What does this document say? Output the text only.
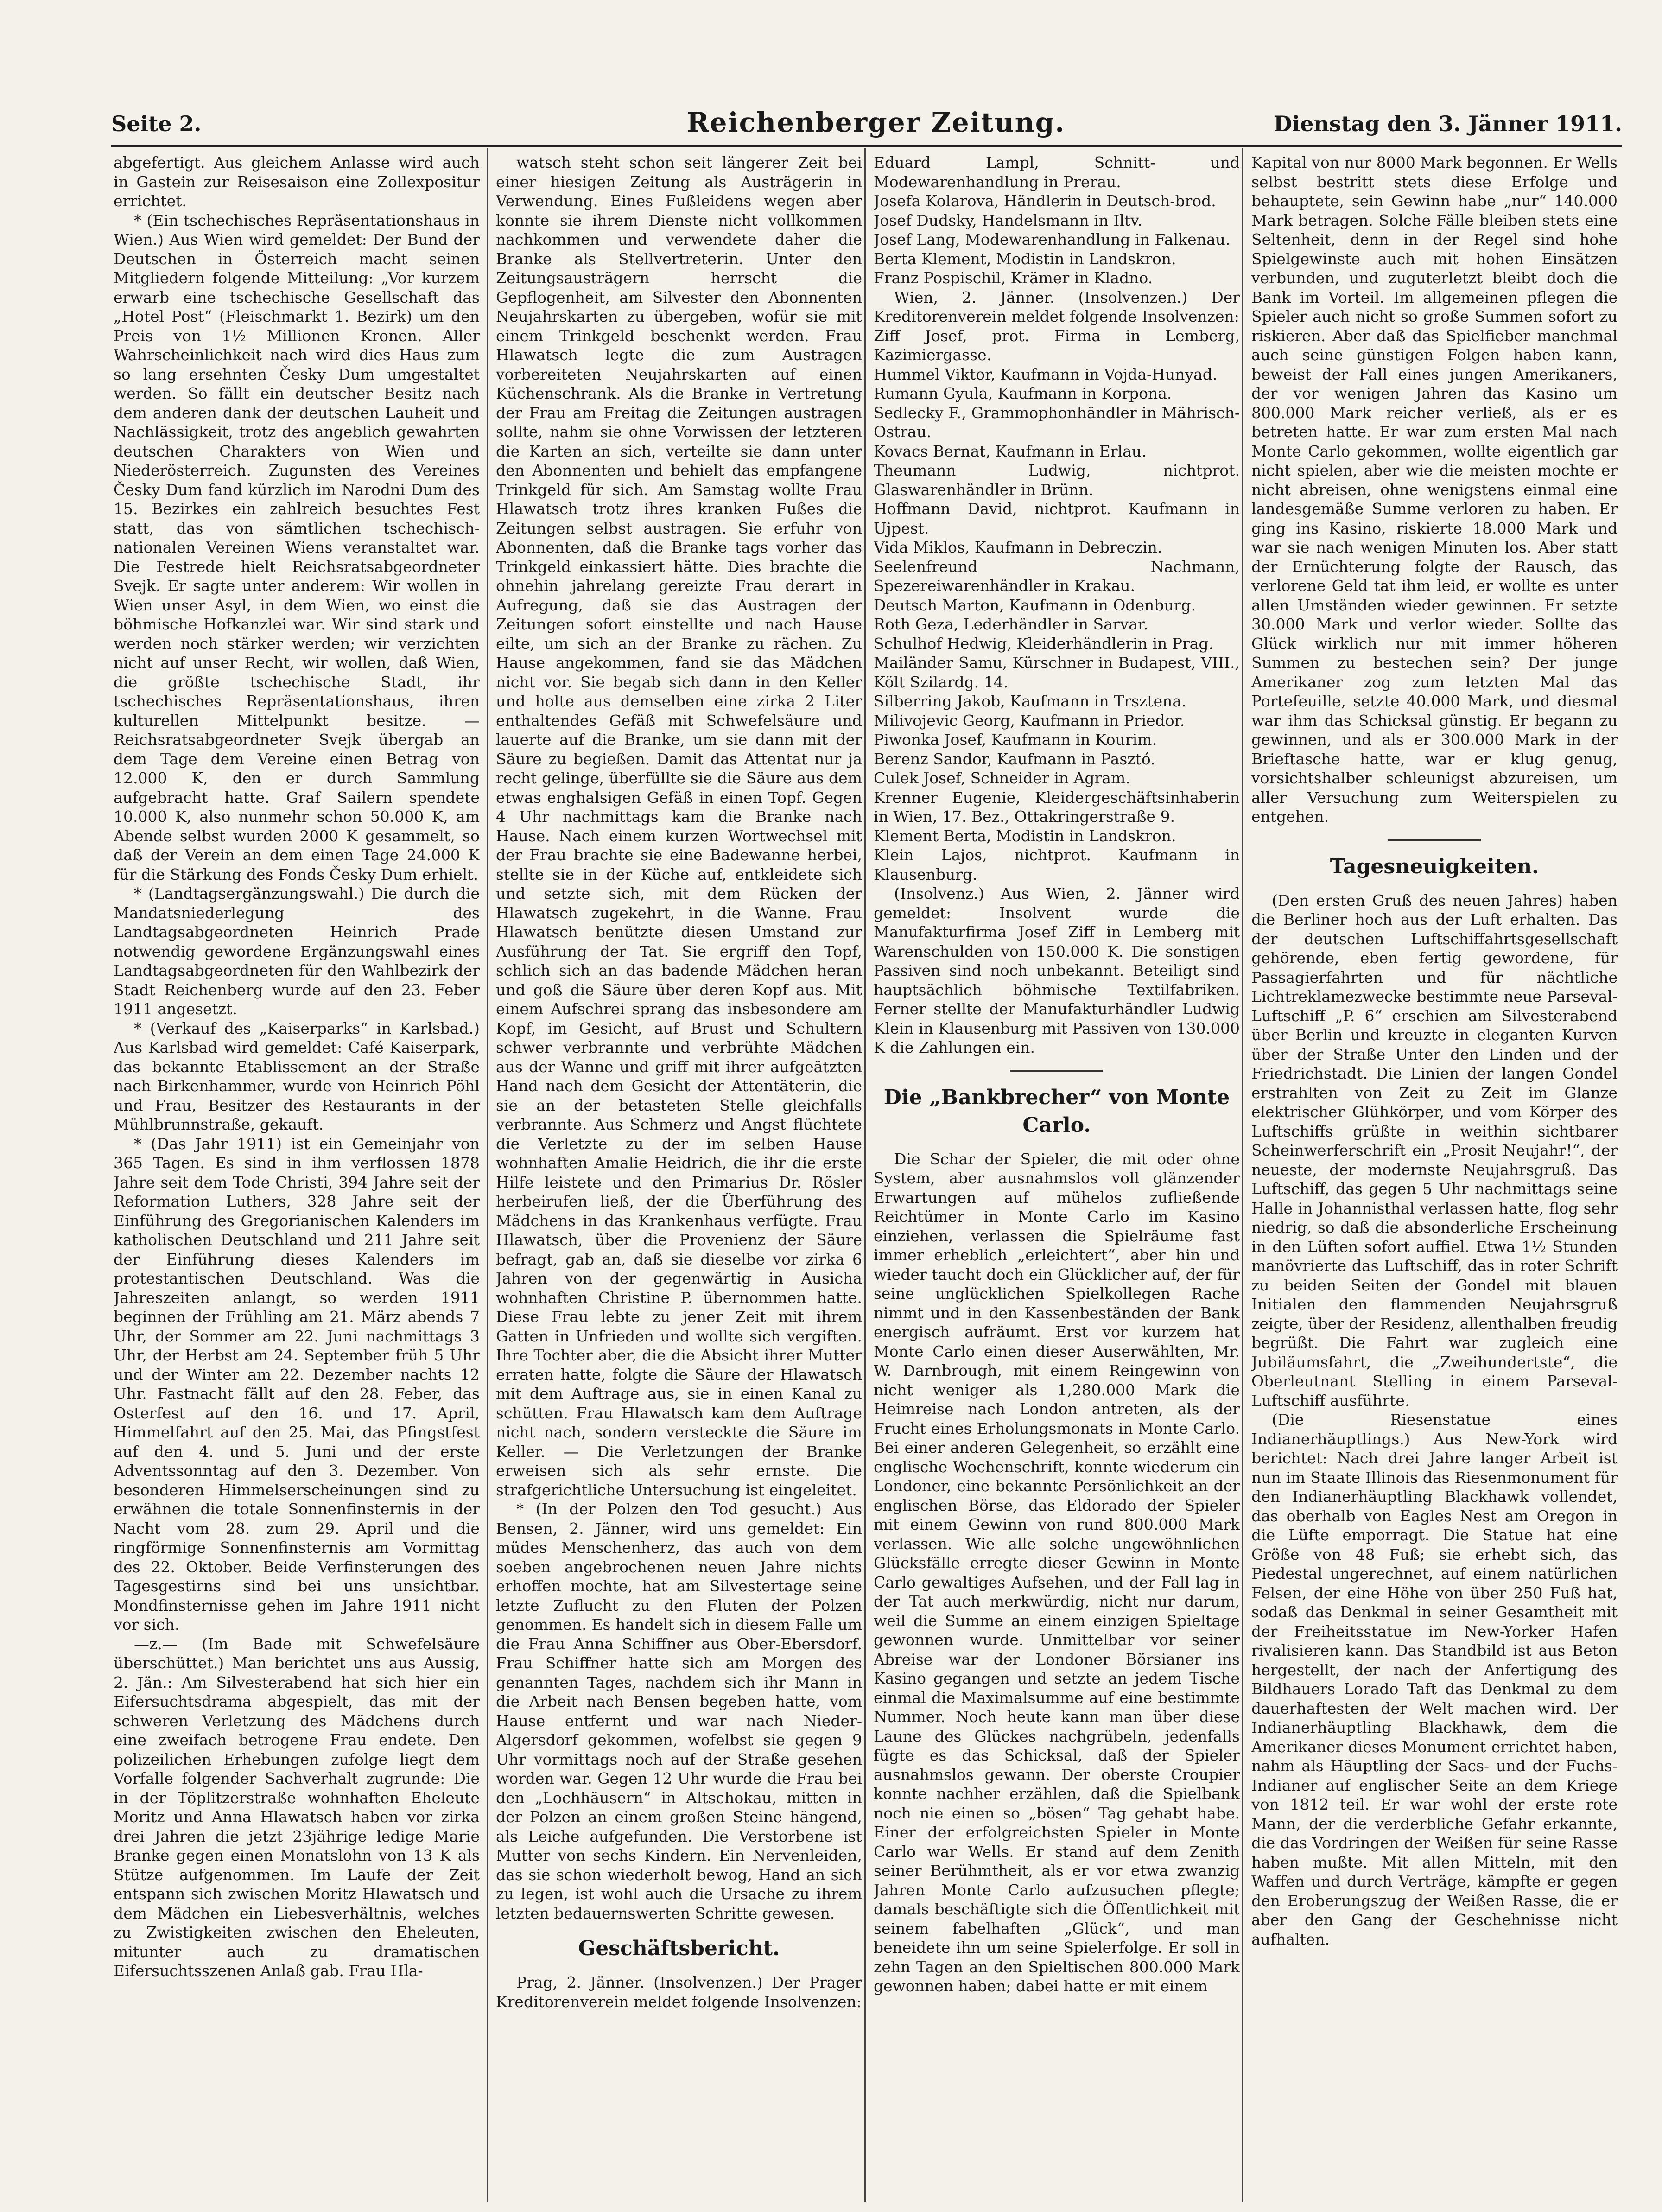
Seite 2.	Reichenberger Zeitung.	Dienstag den 3. Jänner 1911.

abgefertigt. Aus gleichem Anlasse wird auch in Gastein zur Reisesaison eine Zollexpositur errichtet.

* (Ein tschechisches Repräsentationshaus in Wien.) Aus Wien wird gemeldet: Der Bund der Deutschen in Österreich macht seinen Mitgliedern folgende Mitteilung: „Vor kurzem erwarb eine tschechische Gesellschaft das „Hotel Post“ (Fleischmarkt 1. Bezirk) um den Preis von 1½ Millionen Kronen. Aller Wahrscheinlichkeit nach wird dies Haus zum so lang ersehnten Česky Dum umgestaltet werden. So fällt ein deutscher Besitz nach dem anderen dank der deutschen Lauheit und Nachlässigkeit, trotz des angeblich gewahrten deutschen Charakters von Wien und Niederösterreich. Zugunsten des Vereines Česky Dum fand kürzlich im Narodni Dum des 15. Bezirkes ein zahlreich besuchtes Fest statt, das von sämtlichen tschechisch-nationalen Vereinen Wiens veranstaltet war. Die Festrede hielt Reichsratsabgeordneter Svejk. Er sagte unter anderem: Wir wollen in Wien unser Asyl, in dem Wien, wo einst die böhmische Hofkanzlei war. Wir sind stark und werden noch stärker werden; wir verzichten nicht auf unser Recht, wir wollen, daß Wien, die größte tschechische Stadt, ihr tschechisches Repräsentationshaus, ihren kulturellen Mittelpunkt besitze. — Reichsratsabgeordneter Svejk übergab an dem Tage dem Vereine einen Betrag von 12.000 K, den er durch Sammlung aufgebracht hatte. Graf Sailern spendete 10.000 K, also nunmehr schon 50.000 K, am Abende selbst wurden 2000 K gesammelt, so daß der Verein an dem einen Tage 24.000 K für die Stärkung des Fonds Česky Dum erhielt.

* (Landtagsergänzungswahl.) Die durch die Mandatsniederlegung des Landtagsabgeordneten Heinrich Prade notwendig gewordene Ergänzungswahl eines Landtagsabgeordneten für den Wahlbezirk der Stadt Reichenberg wurde auf den 23. Feber 1911 angesetzt.

* (Verkauf des „Kaiserparks“ in Karlsbad.) Aus Karlsbad wird gemeldet: Café Kaiserpark, das bekannte Etablissement an der Straße nach Birkenhammer, wurde von Heinrich Pöhl und Frau, Besitzer des Restaurants in der Mühlbrunnstraße, gekauft.

* (Das Jahr 1911) ist ein Gemeinjahr von 365 Tagen. Es sind in ihm verflossen 1878 Jahre seit dem Tode Christi, 394 Jahre seit der Reformation Luthers, 328 Jahre seit der Einführung des Gregorianischen Kalenders im katholischen Deutschland und 211 Jahre seit der Einführung dieses Kalenders im protestantischen Deutschland. Was die Jahreszeiten anlangt, so werden 1911 beginnen der Frühling am 21. März abends 7 Uhr, der Sommer am 22. Juni nachmittags 3 Uhr, der Herbst am 24. September früh 5 Uhr und der Winter am 22. Dezember nachts 12 Uhr. Fastnacht fällt auf den 28. Feber, das Osterfest auf den 16. und 17. April, Himmelfahrt auf den 25. Mai, das Pfingstfest auf den 4. und 5. Juni und der erste Adventssonntag auf den 3. Dezember. Von besonderen Himmelserscheinungen sind zu erwähnen die totale Sonnenfinsternis in der Nacht vom 28. zum 29. April und die ringförmige Sonnenfinsternis am Vormittag des 22. Oktober. Beide Verfinsterungen des Tagesgestirns sind bei uns unsichtbar. Mondfinsternisse gehen im Jahre 1911 nicht vor sich.

—z.— (Im Bade mit Schwefelsäure überschüttet.) Man berichtet uns aus Aussig, 2. Jän.: Am Silvesterabend hat sich hier ein Eifersuchtsdrama abgespielt, das mit der schweren Verletzung des Mädchens durch eine zweifach betrogene Frau endete. Den polizeilichen Erhebungen zufolge liegt dem Vorfalle folgender Sachverhalt zugrunde: Die in der Töplitzerstraße wohnhaften Eheleute Moritz und Anna Hlawatsch haben vor zirka drei Jahren die jetzt 23jährige ledige Marie Branke gegen einen Monatslohn von 13 K als Stütze aufgenommen. Im Laufe der Zeit entspann sich zwischen Moritz Hlawatsch und dem Mädchen ein Liebesverhältnis, welches zu Zwistigkeiten zwischen den Eheleuten, mitunter auch zu dramatischen Eifersuchtsszenen Anlaß gab. Frau Hla-

watsch steht schon seit längerer Zeit bei einer hiesigen Zeitung als Austrägerin in Verwendung. Eines Fußleidens wegen aber konnte sie ihrem Dienste nicht vollkommen nachkommen und verwendete daher die Branke als Stellvertreterin. Unter den Zeitungsausträgern herrscht die Gepflogenheit, am Silvester den Abonnenten Neujahrskarten zu übergeben, wofür sie mit einem Trinkgeld beschenkt werden. Frau Hlawatsch legte die zum Austragen vorbereiteten Neujahrskarten auf einen Küchenschrank. Als die Branke in Vertretung der Frau am Freitag die Zeitungen austragen sollte, nahm sie ohne Vorwissen der letzteren die Karten an sich, verteilte sie dann unter den Abonnenten und behielt das empfangene Trinkgeld für sich. Am Samstag wollte Frau Hlawatsch trotz ihres kranken Fußes die Zeitungen selbst austragen. Sie erfuhr von Abonnenten, daß die Branke tags vorher das Trinkgeld einkassiert hätte. Dies brachte die ohnehin jahrelang gereizte Frau derart in Aufregung, daß sie das Austragen der Zeitungen sofort einstellte und nach Hause eilte, um sich an der Branke zu rächen. Zu Hause angekommen, fand sie das Mädchen nicht vor. Sie begab sich dann in den Keller und holte aus demselben eine zirka 2 Liter enthaltendes Gefäß mit Schwefelsäure und lauerte auf die Branke, um sie dann mit der Säure zu begießen. Damit das Attentat nur ja recht gelinge, überfüllte sie die Säure aus dem etwas enghalsigen Gefäß in einen Topf. Gegen 4 Uhr nachmittags kam die Branke nach Hause. Nach einem kurzen Wortwechsel mit der Frau brachte sie eine Badewanne herbei, stellte sie in der Küche auf, entkleidete sich und setzte sich, mit dem Rücken der Hlawatsch zugekehrt, in die Wanne. Frau Hlawatsch benützte diesen Umstand zur Ausführung der Tat. Sie ergriff den Topf, schlich sich an das badende Mädchen heran und goß die Säure über deren Kopf aus. Mit einem Aufschrei sprang das insbesondere am Kopf, im Gesicht, auf Brust und Schultern schwer verbrannte und verbrühte Mädchen aus der Wanne und griff mit ihrer aufgeätzten Hand nach dem Gesicht der Attentäterin, die sie an der betasteten Stelle gleichfalls verbrannte. Aus Schmerz und Angst flüchtete die Verletzte zu der im selben Hause wohnhaften Amalie Heidrich, die ihr die erste Hilfe leistete und den Primarius Dr. Rösler herbeirufen ließ, der die Überführung des Mädchens in das Krankenhaus verfügte. Frau Hlawatsch, über die Provenienz der Säure befragt, gab an, daß sie dieselbe vor zirka 6 Jahren von der gegenwärtig in Ausicha wohnhaften Christine P. übernommen hatte. Diese Frau lebte zu jener Zeit mit ihrem Gatten in Unfrieden und wollte sich vergiften. Ihre Tochter aber, die die Absicht ihrer Mutter erraten hatte, folgte die Säure der Hlawatsch mit dem Auftrage aus, sie in einen Kanal zu schütten. Frau Hlawatsch kam dem Auftrage nicht nach, sondern versteckte die Säure im Keller. — Die Verletzungen der Branke erweisen sich als sehr ernste. Die strafgerichtliche Untersuchung ist eingeleitet.

* (In der Polzen den Tod gesucht.) Aus Bensen, 2. Jänner, wird uns gemeldet: Ein müdes Menschenherz, das auch von dem soeben angebrochenen neuen Jahre nichts erhoffen mochte, hat am Silvestertage seine letzte Zuflucht zu den Fluten der Polzen genommen. Es handelt sich in diesem Falle um die Frau Anna Schiffner aus Ober-Ebersdorf. Frau Schiffner hatte sich am Morgen des genannten Tages, nachdem sich ihr Mann in die Arbeit nach Bensen begeben hatte, vom Hause entfernt und war nach Nieder-Algersdorf gekommen, wofelbst sie gegen 9 Uhr vormittags noch auf der Straße gesehen worden war. Gegen 12 Uhr wurde die Frau bei den „Lochhäusern“ in Altschokau, mitten in der Polzen an einem großen Steine hängend, als Leiche aufgefunden. Die Verstorbene ist Mutter von sechs Kindern. Ein Nervenleiden, das sie schon wiederholt bewog, Hand an sich zu legen, ist wohl auch die Ursache zu ihrem letzten bedauernswerten Schritte gewesen.

Geschäftsbericht.

Prag, 2. Jänner. (Insolvenzen.) Der Prager Kreditorenverein meldet folgende Insolvenzen:

Eduard Lampl, Schnitt- und Modewarenhandlung in Prerau.

Josefa Kolarova, Händlerin in Deutsch-brod.

Josef Dudsky, Handelsmann in Iltv.

Josef Lang, Modewarenhandlung in Falkenau.

Berta Klement, Modistin in Landskron.

Franz Pospischil, Krämer in Kladno.

Wien, 2. Jänner. (Insolvenzen.) Der Kreditorenverein meldet folgende Insolvenzen:

Ziff Josef, prot. Firma in Lemberg, Kazimiergasse.

Hummel Viktor, Kaufmann in Vojda-Hunyad.

Rumann Gyula, Kaufmann in Korpona.

Sedlecky F., Grammophonhändler in Mährisch-Ostrau.

Kovacs Bernat, Kaufmann in Erlau.

Theumann Ludwig, nichtprot. Glaswarenhändler in Brünn.

Hoffmann David, nichtprot. Kaufmann in Ujpest.

Vida Miklos, Kaufmann in Debreczin.

Seelenfreund Nachmann, Spezereiwarenhändler in Krakau.

Deutsch Marton, Kaufmann in Odenburg.

Roth Geza, Lederhändler in Sarvar.

Schulhof Hedwig, Kleiderhändlerin in Prag.

Mailänder Samu, Kürschner in Budapest, VIII., Költ Szilardg. 14.

Silberring Jakob, Kaufmann in Trsztena.

Milivojevic Georg, Kaufmann in Priedor.

Piwonka Josef, Kaufmann in Kourim.

Berenz Sandor, Kaufmann in Pasztó.

Culek Josef, Schneider in Agram.

Krenner Eugenie, Kleidergeschäftsinhaberin in Wien, 17. Bez., Ottakringerstraße 9.

Klement Berta, Modistin in Landskron.

Klein Lajos, nichtprot. Kaufmann in Klausenburg.

(Insolvenz.) Aus Wien, 2. Jänner wird gemeldet: Insolvent wurde die Manufakturfirma Josef Ziff in Lemberg mit Warenschulden von 150.000 K. Die sonstigen Passiven sind noch unbekannt. Beteiligt sind hauptsächlich böhmische Textilfabriken. Ferner stellte der Manufakturhändler Ludwig Klein in Klausenburg mit Passiven von 130.000 K die Zahlungen ein.

Die „Bankbrecher“ von Monte Carlo.

Die Schar der Spieler, die mit oder ohne System, aber ausnahmslos voll glänzender Erwartungen auf mühelos zufließende Reichtümer in Monte Carlo im Kasino einziehen, verlassen die Spielräume fast immer erheblich „erleichtert“, aber hin und wieder taucht doch ein Glücklicher auf, der für seine unglücklichen Spielkollegen Rache nimmt und in den Kassenbeständen der Bank energisch aufräumt. Erst vor kurzem hat Monte Carlo einen dieser Auserwählten, Mr. W. Darnbrough, mit einem Reingewinn von nicht weniger als 1,280.000 Mark die Heimreise nach London antreten, als der Frucht eines Erholungsmonats in Monte Carlo. Bei einer anderen Gelegenheit, so erzählt eine englische Wochenschrift, konnte wiederum ein Londoner, eine bekannte Persönlichkeit an der englischen Börse, das Eldorado der Spieler mit einem Gewinn von rund 800.000 Mark verlassen. Wie alle solche ungewöhnlichen Glücksfälle erregte dieser Gewinn in Monte Carlo gewaltiges Aufsehen, und der Fall lag in der Tat auch merkwürdig, nicht nur darum, weil die Summe an einem einzigen Spieltage gewonnen wurde. Unmittelbar vor seiner Abreise war der Londoner Börsianer ins Kasino gegangen und setzte an jedem Tische einmal die Maximalsumme auf eine bestimmte Nummer. Noch heute kann man über diese Laune des Glückes nachgrübeln, jedenfalls fügte es das Schicksal, daß der Spieler ausnahmslos gewann. Der oberste Croupier konnte nachher erzählen, daß die Spielbank noch nie einen so „bösen“ Tag gehabt habe. Einer der erfolgreichsten Spieler in Monte Carlo war Wells. Er stand auf dem Zenith seiner Berühmtheit, als er vor etwa zwanzig Jahren Monte Carlo aufzusuchen pflegte; damals beschäftigte sich die Öffentlichkeit mit seinem fabelhaften „Glück“, und man beneidete ihn um seine Spielerfolge. Er soll in zehn Tagen an den Spieltischen 800.000 Mark gewonnen haben; dabei hatte er mit einem

Kapital von nur 8000 Mark begonnen. Er Wells selbst bestritt stets diese Erfolge und behauptete, sein Gewinn habe „nur“ 140.000 Mark betragen. Solche Fälle bleiben stets eine Seltenheit, denn in der Regel sind hohe Spielgewinste auch mit hohen Einsätzen verbunden, und zuguterletzt bleibt doch die Bank im Vorteil. Im allgemeinen pflegen die Spieler auch nicht so große Summen sofort zu riskieren. Aber daß das Spielfieber manchmal auch seine günstigen Folgen haben kann, beweist der Fall eines jungen Amerikaners, der vor wenigen Jahren das Kasino um 800.000 Mark reicher verließ, als er es betreten hatte. Er war zum ersten Mal nach Monte Carlo gekommen, wollte eigentlich gar nicht spielen, aber wie die meisten mochte er nicht abreisen, ohne wenigstens einmal eine landesgemäße Summe verloren zu haben. Er ging ins Kasino, riskierte 18.000 Mark und war sie nach wenigen Minuten los. Aber statt der Ernüchterung folgte der Rausch, das verlorene Geld tat ihm leid, er wollte es unter allen Umständen wieder gewinnen. Er setzte 30.000 Mark und verlor wieder. Sollte das Glück wirklich nur mit immer höheren Summen zu bestechen sein? Der junge Amerikaner zog zum letzten Mal das Portefeuille, setzte 40.000 Mark, und diesmal war ihm das Schicksal günstig. Er begann zu gewinnen, und als er 300.000 Mark in der Brieftasche hatte, war er klug genug, vorsichtshalber schleunigst abzureisen, um aller Versuchung zum Weiterspielen zu entgehen.

Tagesneuigkeiten.

(Den ersten Gruß des neuen Jahres) haben die Berliner hoch aus der Luft erhalten. Das der deutschen Luftschiffahrtsgesellschaft gehörende, eben fertig gewordene, für Passagierfahrten und für nächtliche Lichtreklamezwecke bestimmte neue Parseval-Luftschiff „P. 6“ erschien am Silvesterabend über Berlin und kreuzte in eleganten Kurven über der Straße Unter den Linden und der Friedrichstadt. Die Linien der langen Gondel erstrahlten von Zeit zu Zeit im Glanze elektrischer Glühkörper, und vom Körper des Luftschiffs grüßte in weithin sichtbarer Scheinwerferschrift ein „Prosit Neujahr!“, der neueste, der modernste Neujahrsgruß. Das Luftschiff, das gegen 5 Uhr nachmittags seine Halle in Johannisthal verlassen hatte, flog sehr niedrig, so daß die absonderliche Erscheinung in den Lüften sofort auffiel. Etwa 1½ Stunden manövrierte das Luftschiff, das in roter Schrift zu beiden Seiten der Gondel mit blauen Initialen den flammenden Neujahrsgruß zeigte, über der Residenz, allenthalben freudig begrüßt. Die Fahrt war zugleich eine Jubiläumsfahrt, die „Zweihundertste“, die Oberleutnant Stelling in einem Parseval-Luftschiff ausführte.

(Die Riesenstatue eines Indianerhäuptlings.) Aus New-York wird berichtet: Nach drei Jahre langer Arbeit ist nun im Staate Illinois das Riesenmonument für den Indianerhäuptling Blackhawk vollendet, das oberhalb von Eagles Nest am Oregon in die Lüfte emporragt. Die Statue hat eine Größe von 48 Fuß; sie erhebt sich, das Piedestal ungerechnet, auf einem natürlichen Felsen, der eine Höhe von über 250 Fuß hat, sodaß das Denkmal in seiner Gesamtheit mit der Freiheitsstatue im New-Yorker Hafen rivalisieren kann. Das Standbild ist aus Beton hergestellt, der nach der Anfertigung des Bildhauers Lorado Taft das Denkmal zu dem dauerhaftesten der Welt machen wird. Der Indianerhäuptling Blackhawk, dem die Amerikaner dieses Monument errichtet haben, nahm als Häuptling der Sacs- und der Fuchs-Indianer auf englischer Seite an dem Kriege von 1812 teil. Er war wohl der erste rote Mann, der die verderbliche Gefahr erkannte, die das Vordringen der Weißen für seine Rasse haben mußte. Mit allen Mitteln, mit den Waffen und durch Verträge, kämpfte er gegen den Eroberungszug der Weißen Rasse, die er aber den Gang der Geschehnisse nicht aufhalten.
